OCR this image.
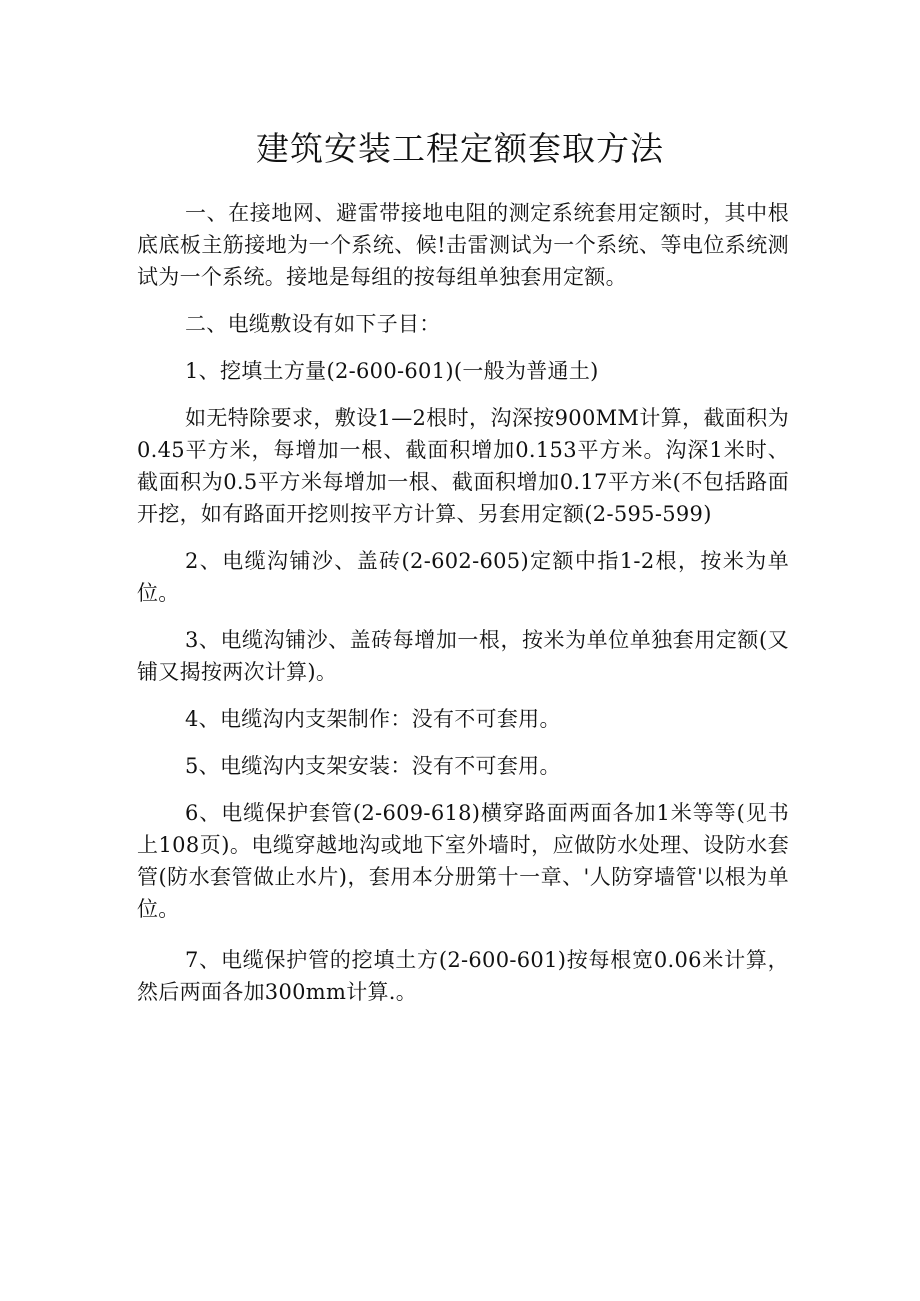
建筑安装工程定额套取方法

一、在接地网、避雷带接地电阻的测定系统套用定额时，其中根底底板主筋接地为一个系统、候!击雷测试为一个系统、等电位系统测试为一个系统。接地是每组的按每组单独套用定额。

二、电缆敷设有如下子目：

1、挖填土方量(2-600-601)(一般为普通土)

如无特除要求，敷设1—2根时，沟深按900MM计算，截面积为0.45平方米，每增加一根、截面积增加0.153平方米。沟深1米时、截面积为0.5平方米每增加一根、截面积增加0.17平方米(不包括路面开挖，如有路面开挖则按平方计算、另套用定额(2-595-599)

2、电缆沟铺沙、盖砖(2-602-605)定额中指1-2根，按米为单位。

3、电缆沟铺沙、盖砖每增加一根，按米为单位单独套用定额(又铺又揭按两次计算)。

4、电缆沟内支架制作：没有不可套用。

5、电缆沟内支架安装：没有不可套用。

6、电缆保护套管(2-609-618)横穿路面两面各加1米等等(见书上108页)。电缆穿越地沟或地下室外墙时，应做防水处理、设防水套管(防水套管做止水片)，套用本分册第十一章、'人防穿墙管'以根为单位。

7、电缆保护管的挖填土方(2-600-601)按每根宽0.06米计算，然后两面各加300mm计算.。
